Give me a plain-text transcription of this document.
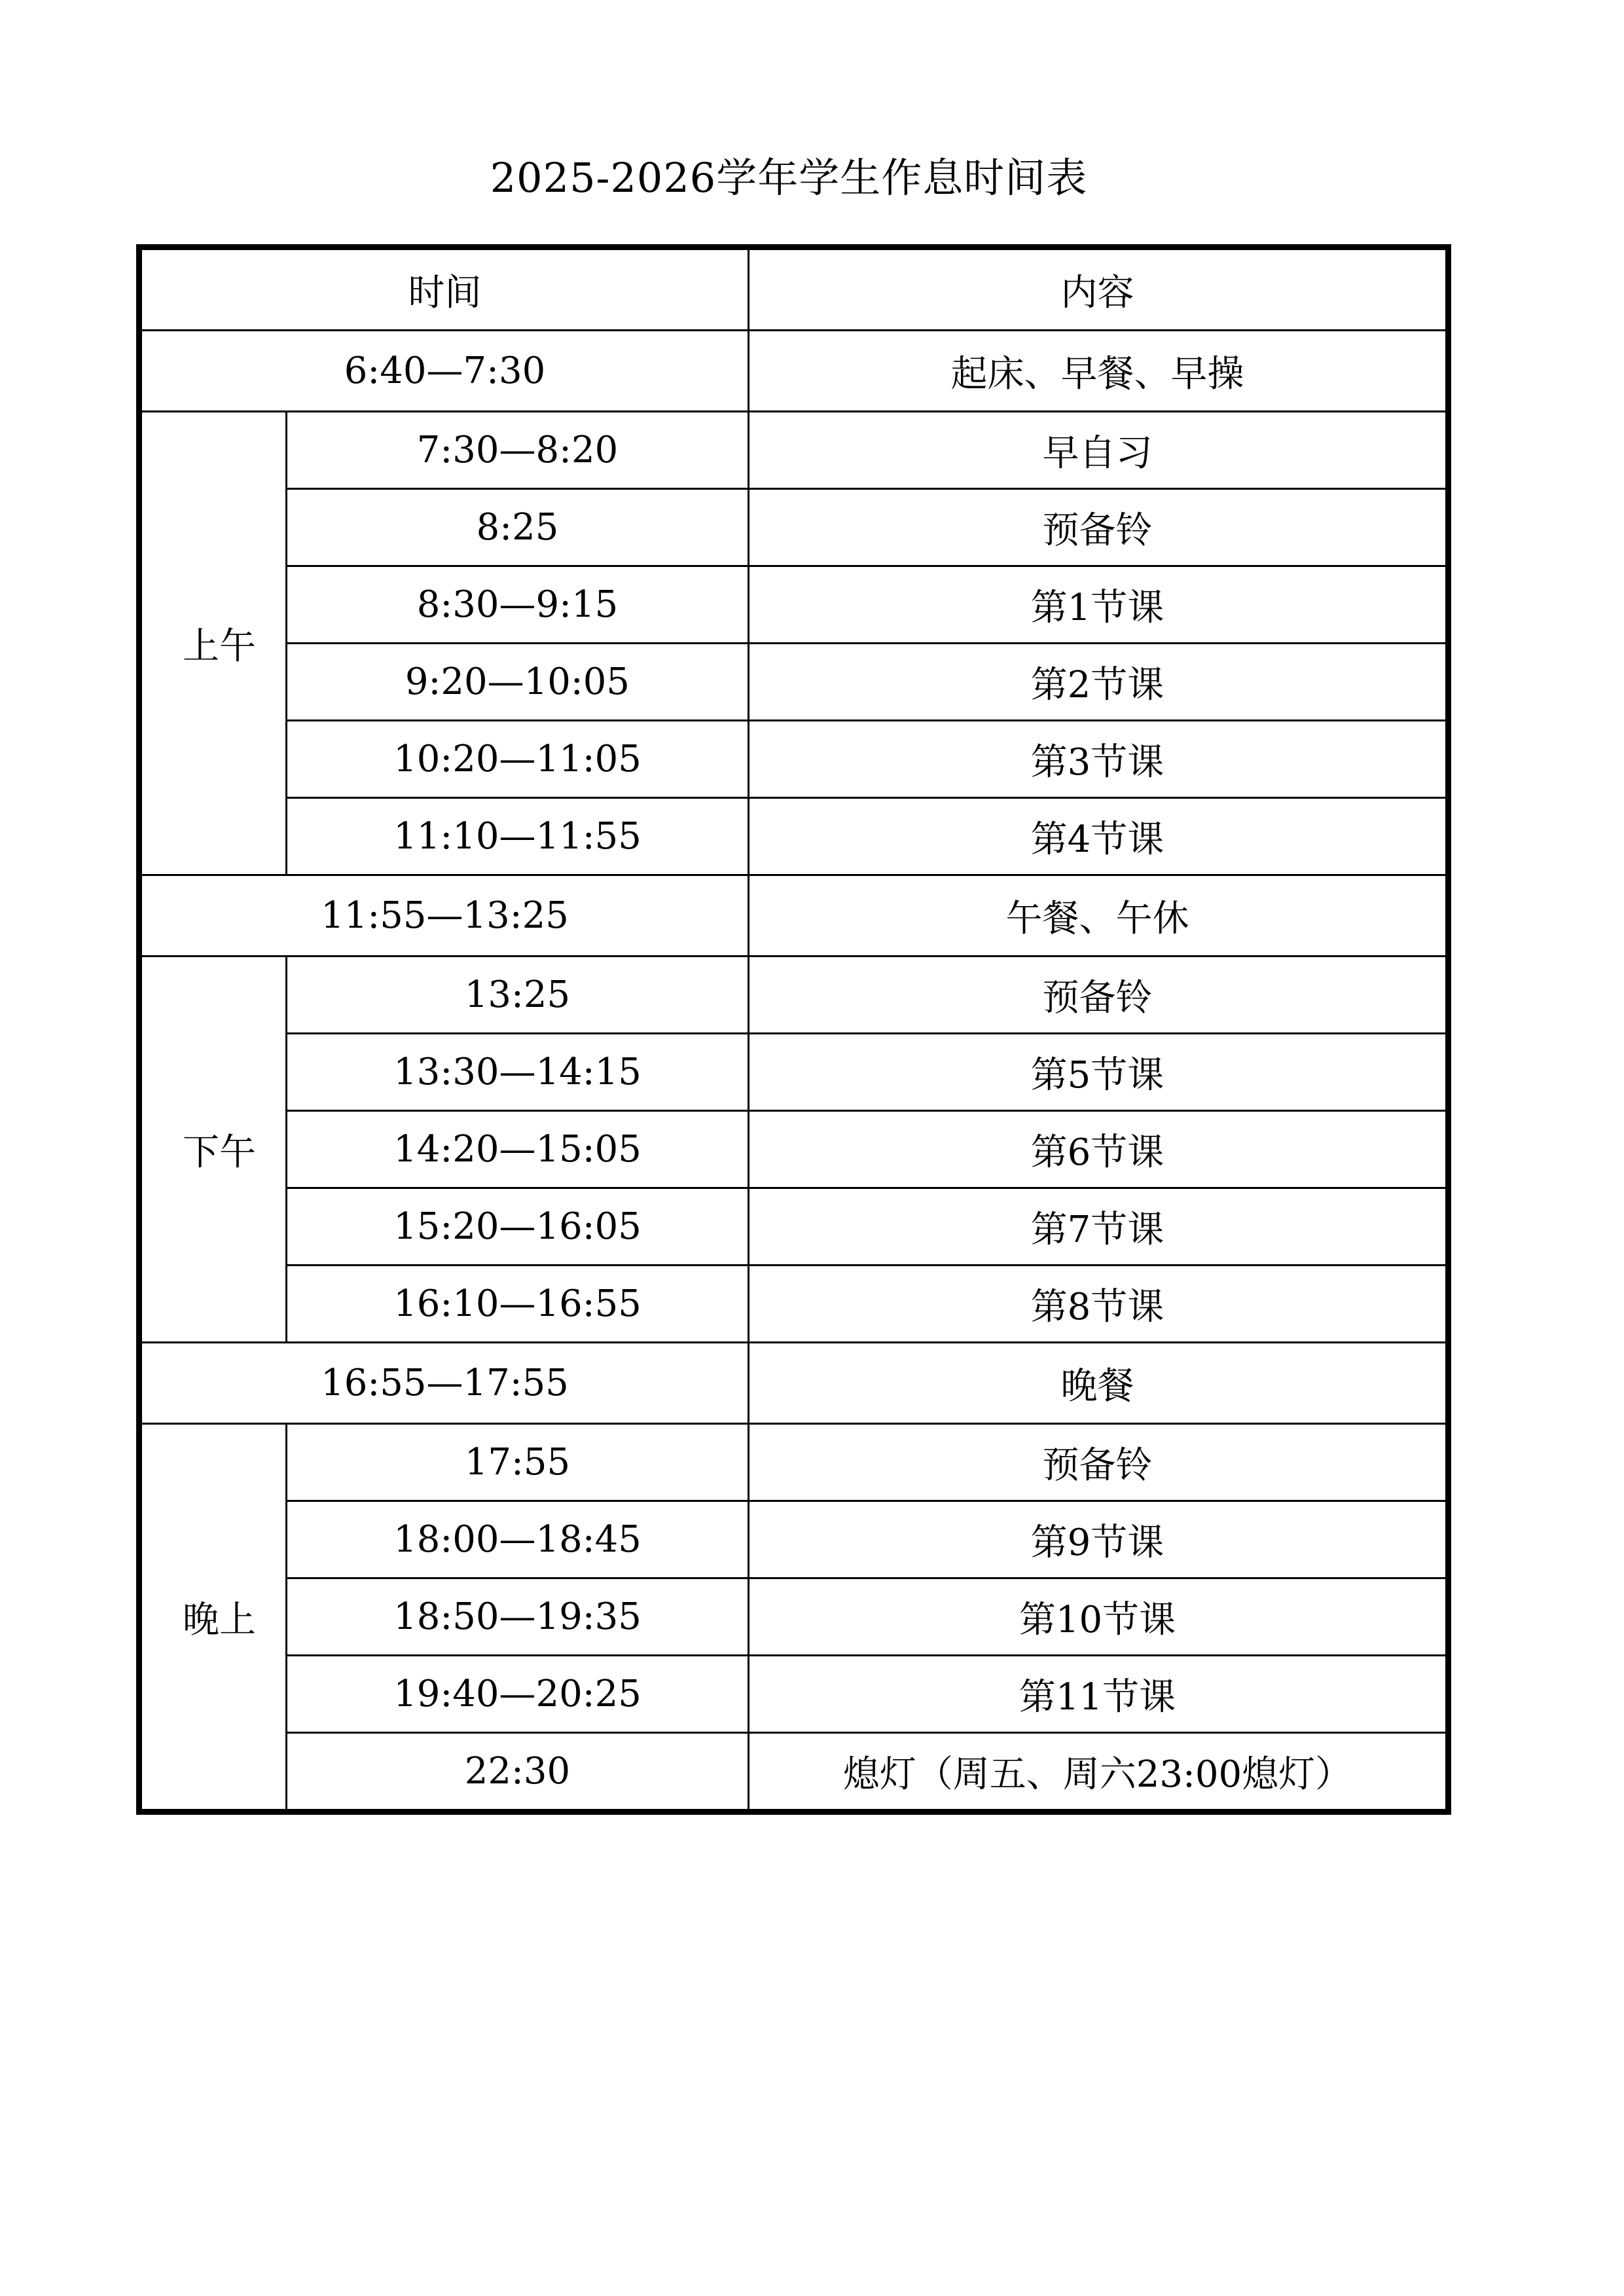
2025-2026学年学生作息时间表
时间		内容
6:40—7:30		起床、早餐、早操
上午	7:30—8:20	早自习
	8:25	预备铃
	8:30—9:15	第1节课
	9:20—10:05	第2节课
	10:20—11:05	第3节课
	11:10—11:55	第4节课
11:55—13:25		午餐、午休
下午	13:25	预备铃
	13:30—14:15	第5节课
	14:20—15:05	第6节课
	15:20—16:05	第7节课
	16:10—16:55	第8节课
16:55—17:55		晚餐
晚上	17:55	预备铃
	18:00—18:45	第9节课
	18:50—19:35	第10节课
	19:40—20:25	第11节课
	22:30	熄灯（周五、周六23:00熄灯）
